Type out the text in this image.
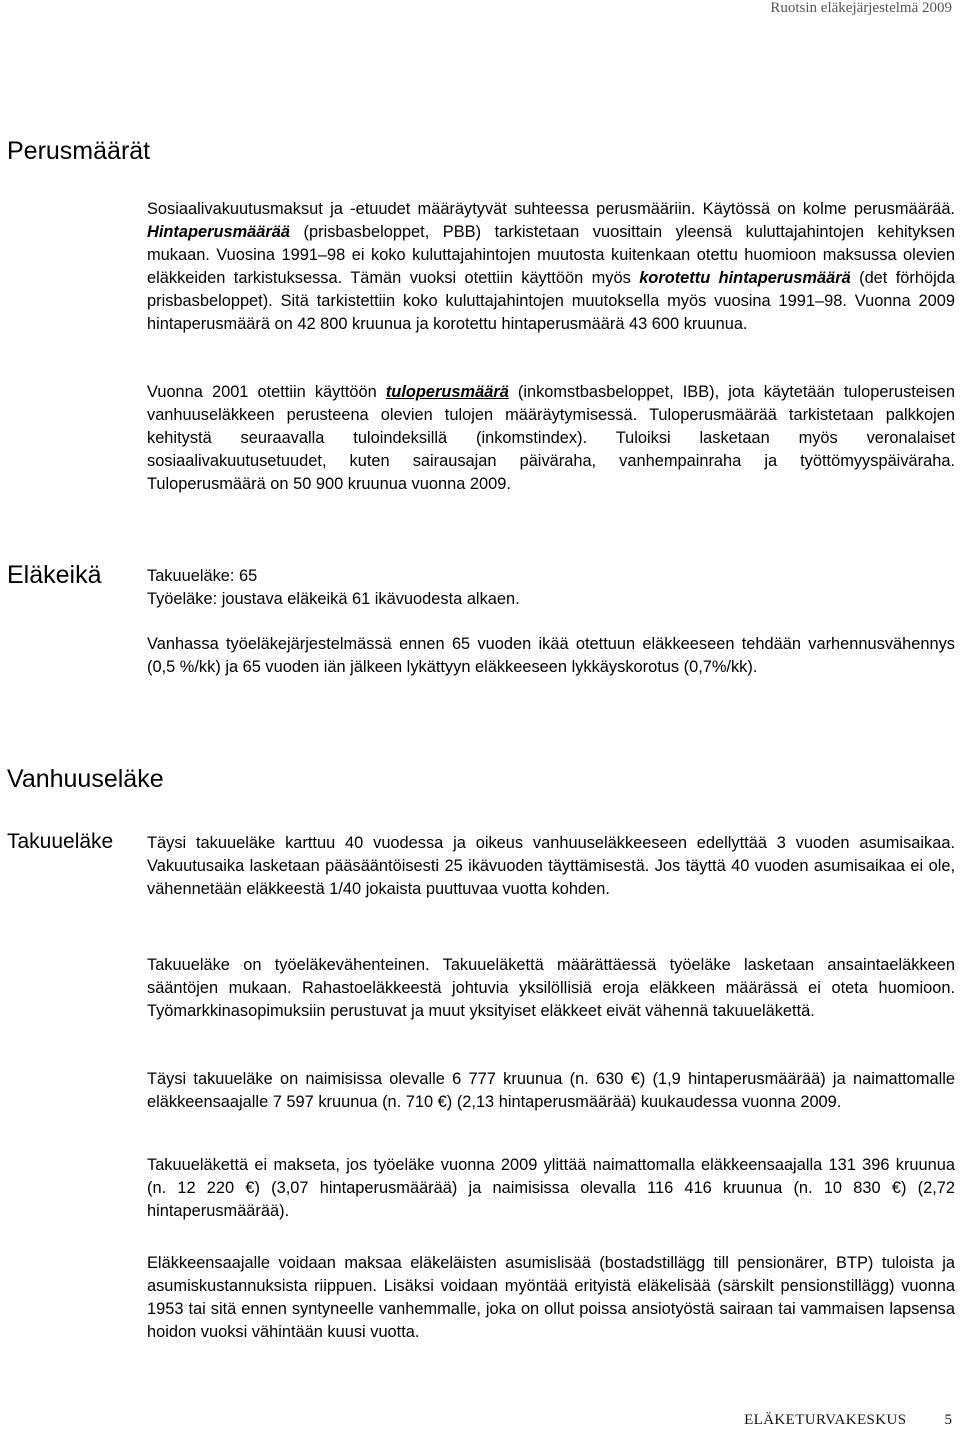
Ruotsin eläkejärjestelmä 2009
Perusmäärät

Sosiaalivakuutusmaksut ja -etuudet määräytyvät suhteessa perusmääriin. Käytössä on kolme perusmäärää. Hintaperusmäärää (prisbasbeloppet, PBB) tarkistetaan vuosittain yleensä kuluttajahintojen kehityksen mukaan. Vuosina 1991–98 ei koko kuluttajahintojen muutosta kuitenkaan otettu huomioon maksussa olevien eläkkeiden tarkistuksessa. Tämän vuoksi otettiin käyttöön myös korotettu hintaperusmäärä (det förhöjda prisbasbeloppet). Sitä tarkistettiin koko kuluttajahintojen muutoksella myös vuosina 1991–98. Vuonna 2009 hintaperusmäärä on 42 800 kruunua ja korotettu hintaperusmäärä 43 600 kruunua.

Vuonna 2001 otettiin käyttöön tuloperusmäärä (inkomstbasbeloppet, IBB), jota käytetään tuloperusteisen vanhuuseläkkeen perusteena olevien tulojen määräytymisessä. Tuloperusmäärää tarkistetaan palkkojen kehitystä seuraavalla tuloindeksillä (inkomstindex). Tuloiksi lasketaan myös veronalaiset sosiaalivakuutusetuudet, kuten sairausajan päiväraha, vanhempainraha ja työttömyyspäiväraha. Tuloperusmäärä on 50 900 kruunua vuonna 2009.

Eläkeikä	Takuueläke: 65
Työeläke: joustava eläkeikä 61 ikävuodesta alkaen.

Vanhassa työeläkejärjestelmässä ennen 65 vuoden ikää otettuun eläkkeeseen tehdään varhennusvähennys (0,5 %/kk) ja 65 vuoden iän jälkeen lykättyyn eläkkeeseen lykkäyskorotus (0,7%/kk).

Vanhuuseläke
Takuueläke Täysi takuueläke karttuu 40 vuodessa ja oikeus vanhuuseläkkeeseen edellyttää 3 vuoden asumisaikaa. Vakuutusaika lasketaan pääsääntöisesti 25 ikävuoden täyttämisestä. Jos täyttä 40 vuoden asumisaikaa ei ole, vähennetään eläkkeestä 1/40 jokaista puuttuvaa vuotta kohden.

Takuueläke on työeläkevähenteinen. Takuueläkettä määrättäessä työeläke lasketaan ansaintaeläkkeen sääntöjen mukaan. Rahastoeläkkeestä johtuvia yksilöllisiä eroja eläkkeen määrässä ei oteta huomioon. Työmarkkinasopimuksiin perustuvat ja muut yksityiset eläkkeet eivät vähennä takuueläkettä.

Täysi takuueläke on naimisissa olevalle 6 777 kruunua (n. 630 €) (1,9 hintaperusmäärää) ja naimattomalle eläkkeensaajalle 7 597 kruunua (n. 710 €) (2,13 hintaperusmäärää) kuukaudessa vuonna 2009.

Takuueläkettä ei makseta, jos työeläke vuonna 2009 ylittää naimattomalla eläkkeensaajalla 131 396 kruunua (n. 12 220 €) (3,07 hintaperusmäärää) ja naimisissa olevalla 116 416 kruunua (n. 10 830 €) (2,72 hintaperusmäärää).

Eläkkeensaajalle voidaan maksaa eläkeläisten asumislisää (bostadstillägg till pensionärer, BTP) tuloista ja asumiskustannuksista riippuen. Lisäksi voidaan myöntää erityistä eläkelisää (särskilt pensionstillägg) vuonna 1953 tai sitä ennen syntyneelle vanhemmalle, joka on ollut poissa ansiotyöstä sairaan tai vammaisen lapsensa hoidon vuoksi vähintään kuusi vuotta.

ELÄKETURVAKESKUS	5
